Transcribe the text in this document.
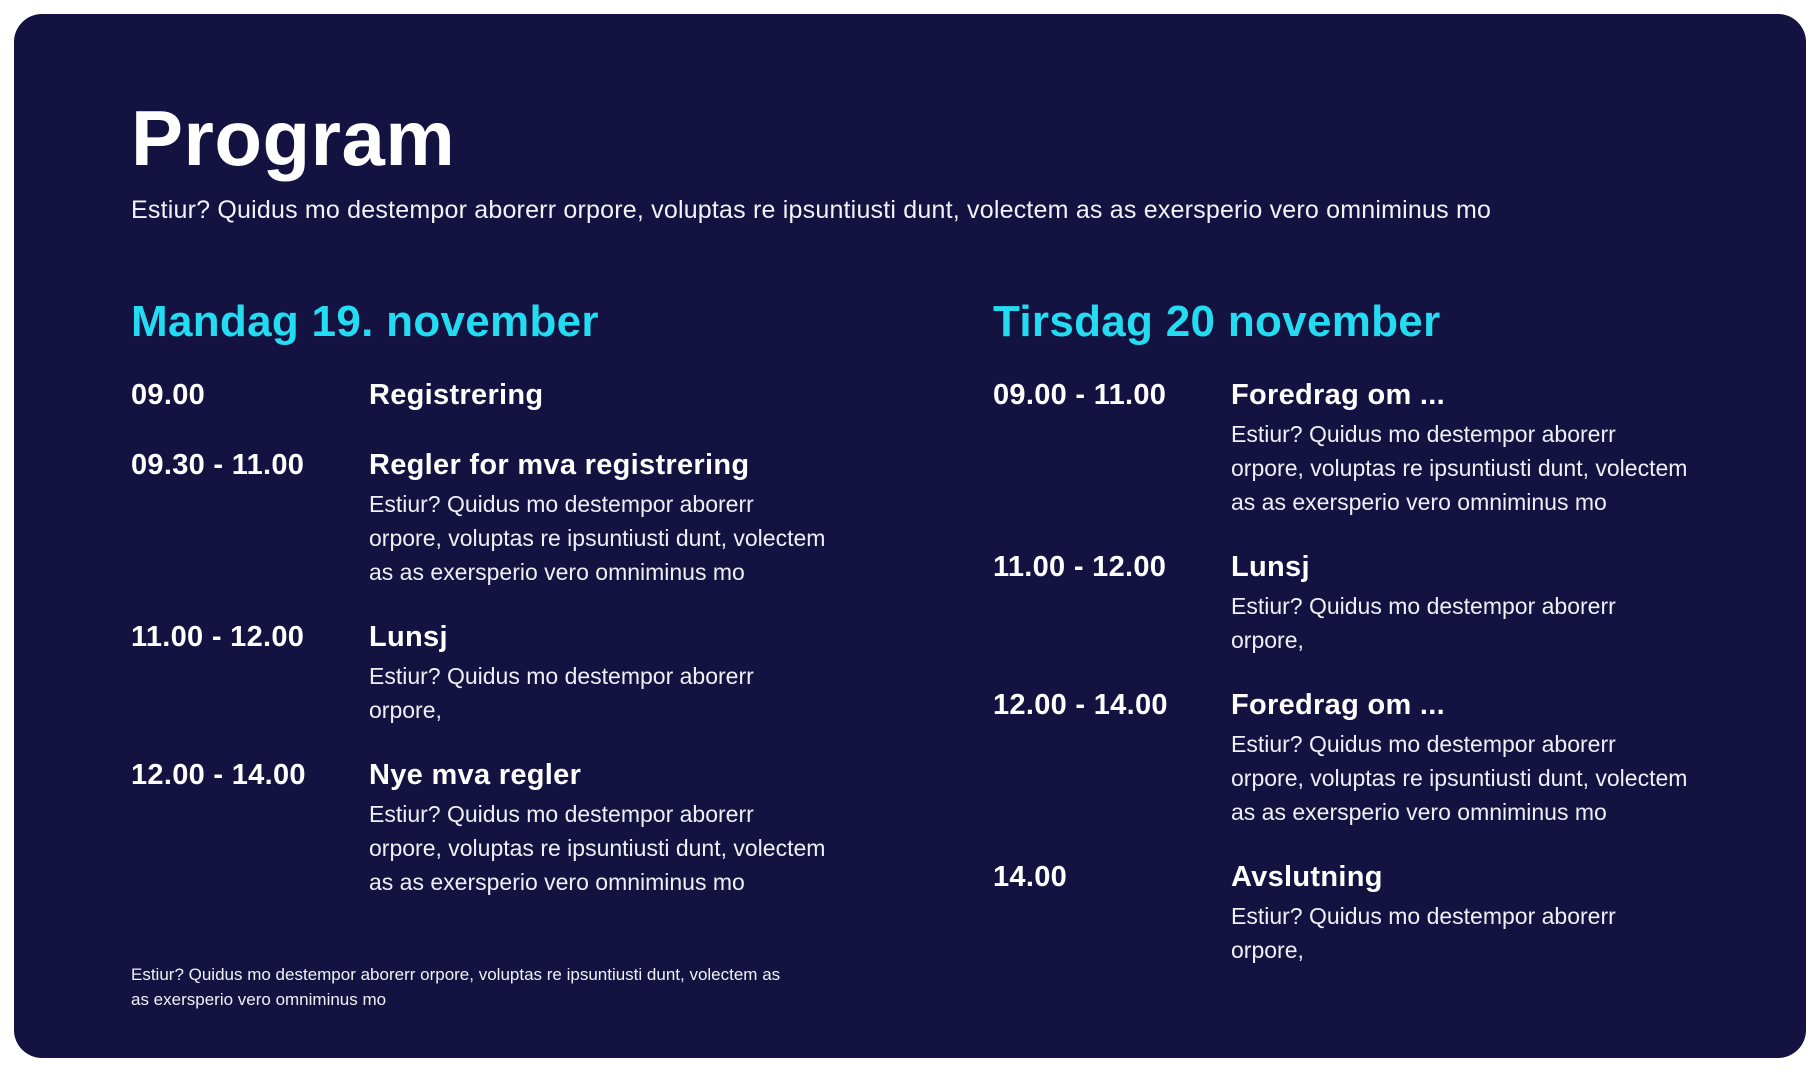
Program

Estiur? Quidus mo destempor aborerr orpore, voluptas re ipsuntiusti dunt, volectem as as exersperio vero omniminus mo

Mandag 19. november
09.00	Registrering
09.30 - 11.00	Regler for mva registrering
Estiur? Quidus mo destempor aborerr orpore, voluptas re ipsuntiusti dunt, volectem as as exersperio vero omniminus mo
11.00 - 12.00	Lunsj
Estiur? Quidus mo destempor aborerr orpore,
12.00 - 14.00	Nye mva regler
Estiur? Quidus mo destempor aborerr orpore, voluptas re ipsuntiusti dunt, volectem as as exersperio vero omniminus mo
Tirsdag 20 november
09.00 - 11.00	Foredrag om ...
Estiur? Quidus mo destempor aborerr orpore, voluptas re ipsuntiusti dunt, volectem as as exersperio vero omniminus mo
11.00 - 12.00	Lunsj
Estiur? Quidus mo destempor aborerr orpore,
12.00 - 14.00	Foredrag om ...
Estiur? Quidus mo destempor aborerr orpore, voluptas re ipsuntiusti dunt, volectem as as exersperio vero omniminus mo
14.00	Avslutning
Estiur? Quidus mo destempor aborerr orpore,
Estiur? Quidus mo destempor aborerr orpore, voluptas re ipsuntiusti dunt, volectem as
as exersperio vero omniminus mo
